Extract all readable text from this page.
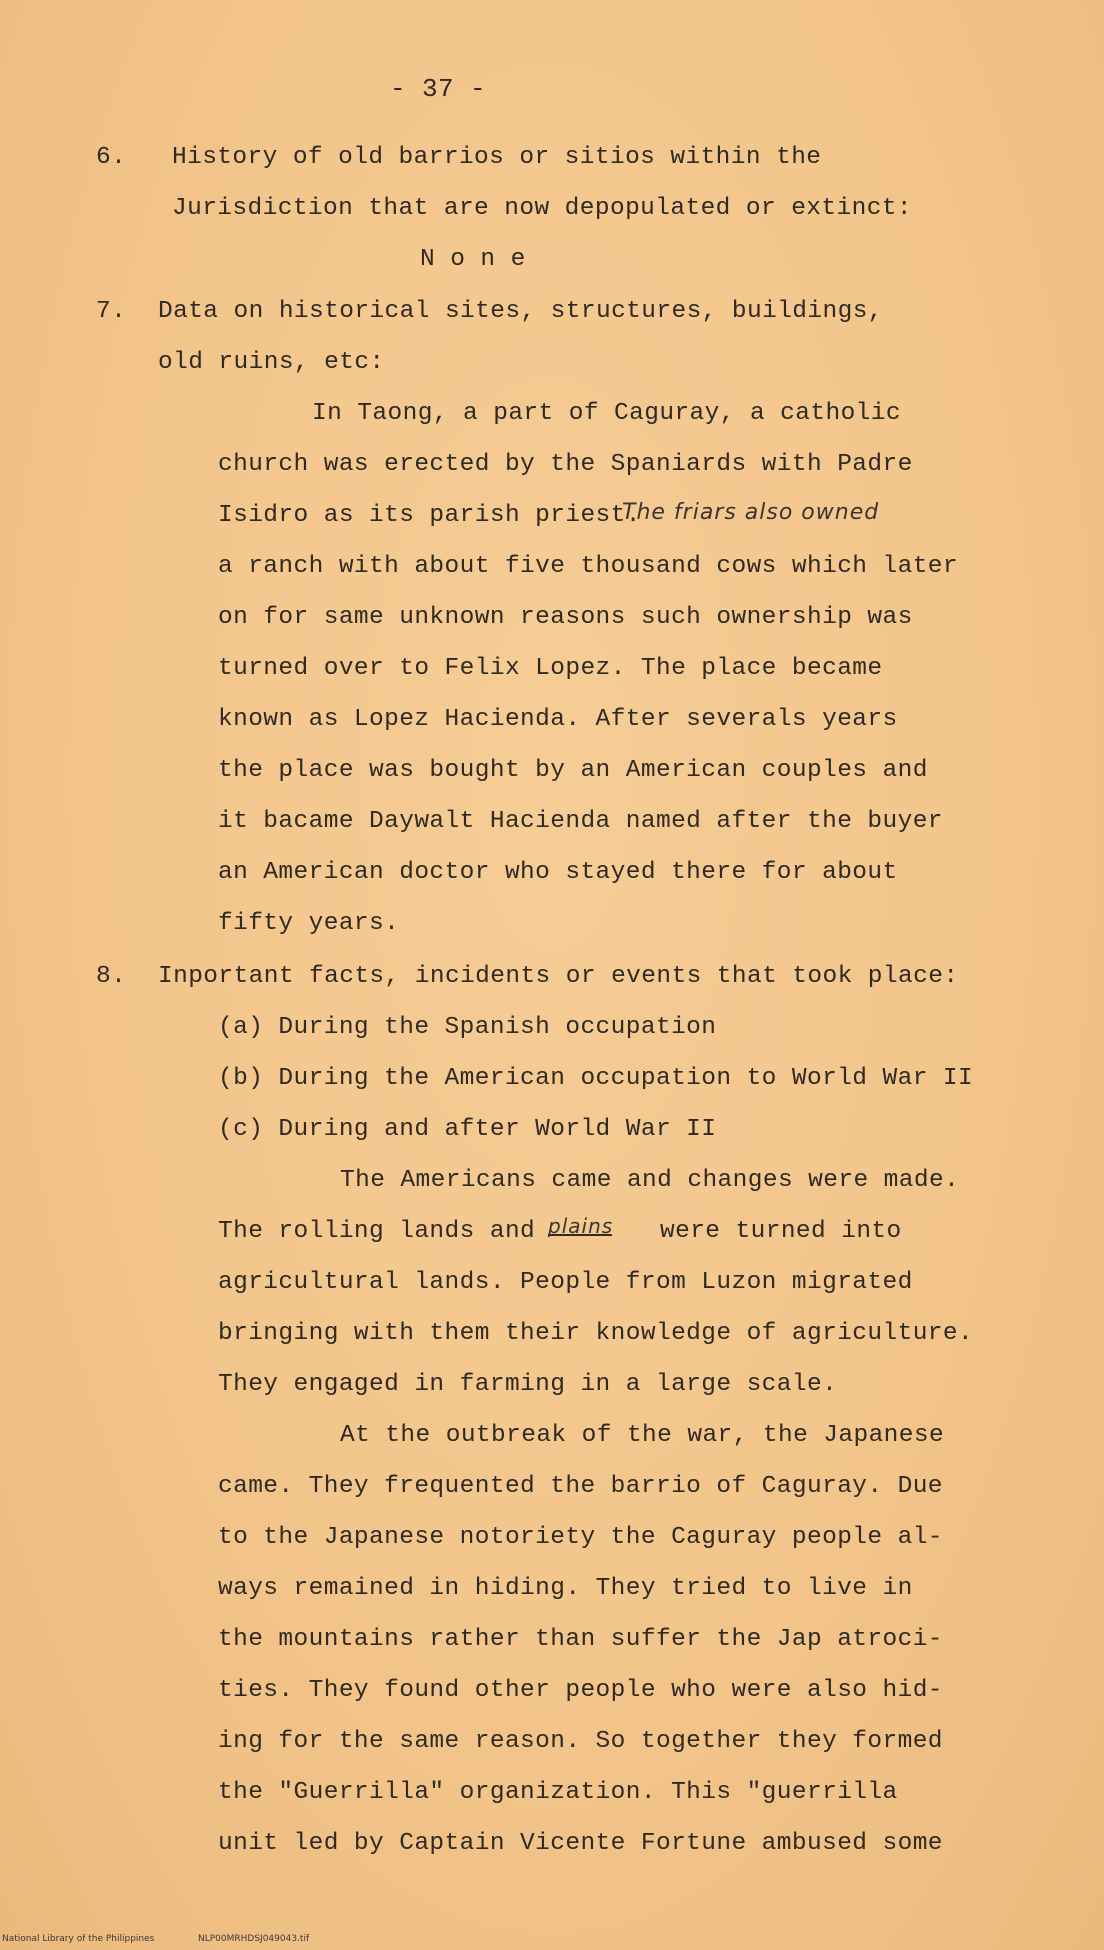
- 37 -
6. History of old barrios or sitios within the
Jurisdiction that are now depopulated or extinct:
N o n e
7. Data on historical sites, structures, buildings,
old ruins, etc:
In Taong, a part of Caguray, a catholic
church was erected by the Spaniards with Padre
Isidro as its parish priest.
The friars also owned
a ranch with about five thousand cows which later
on for same unknown reasons such ownership was
turned over to Felix Lopez. The place became
known as Lopez Hacienda. After severals years
the place was bought by an American couples and
it bacame Daywalt Hacienda named after the buyer
an American doctor who stayed there for about
fifty years.
8. Inportant facts, incidents or events that took place:
(a) During the Spanish occupation
(b) During the American occupation to World War II
(c) During and after World War II
The Americans came and changes were made.
The rolling lands and plains were turned into
agricultural lands. People from Luzon migrated
bringing with them their knowledge of agriculture.
They engaged in farming in a large scale.
At the outbreak of the war, the Japanese
came. They frequented the barrio of Caguray. Due
to the Japanese notoriety the Caguray people al-
ways remained in hiding. They tried to live in
the mountains rather than suffer the Jap atroci-
ties. They found other people who were also hid-
ing for the same reason. So together they formed
the "Guerrilla" organization. This "guerrilla
unit led by Captain Vicente Fortune ambused some
National Library of the Philippines	NLP00MRHDSJ049043.tif
